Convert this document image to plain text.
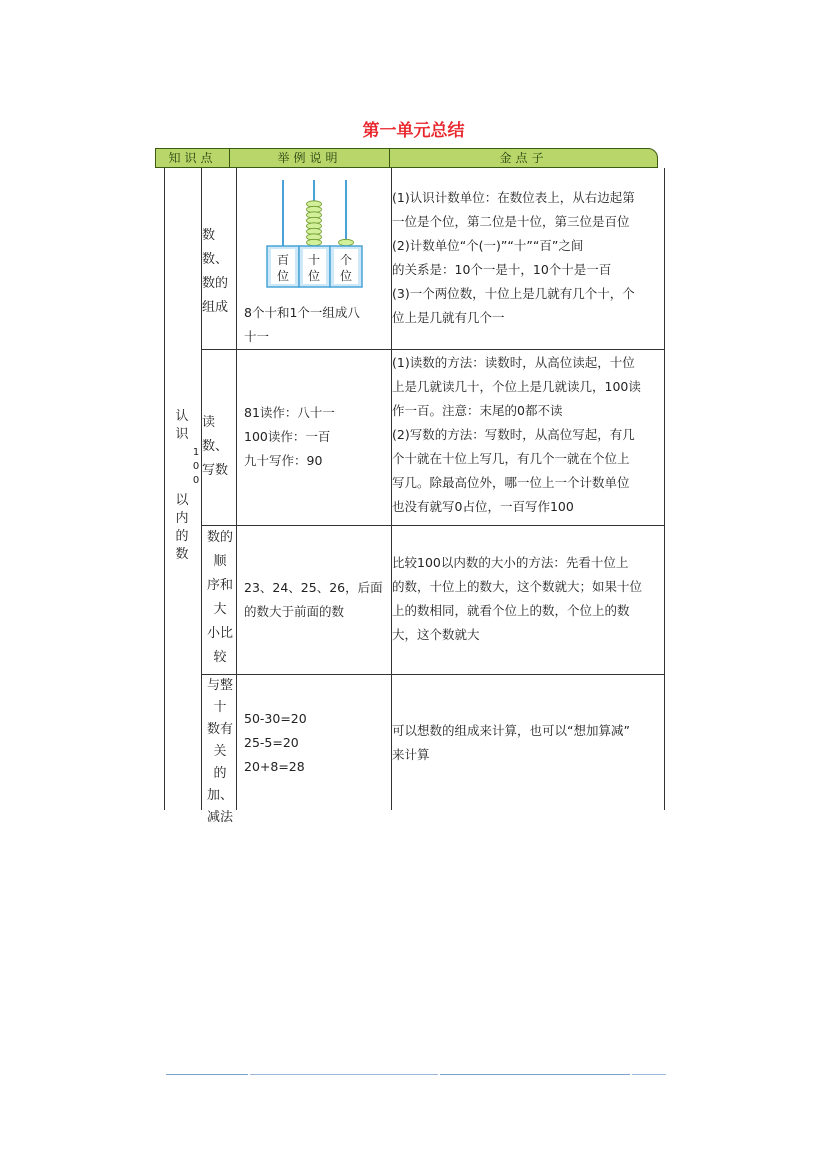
第一单元总结
知识点	举例说明	金点子
认
识
1
0
0
以
内
的
数
数数、
数的
组成
百
位
十
位
个
位
8个十和1个一组成八
十一
(1)认识计数单位：在数位表上，从右边起第
一位是个位，第二位是十位，第三位是百位
(2)计数单位“个(一)”“十”“百”之间
的关系是：10个一是十，10个十是一百
(3)一个两位数，十位上是几就有几个十，个
位上是几就有几个一
读数、
写数
81读作：八十一
100读作：一百
九十写作：90
(1)读数的方法：读数时，从高位读起，十位
上是几就读几十，个位上是几就读几，100读
作一百。注意：末尾的0都不读
(2)写数的方法：写数时，从高位写起，有几
个十就在十位上写几，有几个一就在个位上
写几。除最高位外，哪一位上一个计数单位
也没有就写0占位，一百写作100
数的
顺
序和
大
小比
较
23、24、25、26，后面
的数大于前面的数
比较100以内数的大小的方法：先看十位上
的数，十位上的数大，这个数就大；如果十位
上的数相同，就看个位上的数，个位上的数
大，这个数就大
与整
十
数有
关
的加、
减法
50-30=20
25-5=20
20+8=28
可以想数的组成来计算，也可以“想加算减”
来计算
